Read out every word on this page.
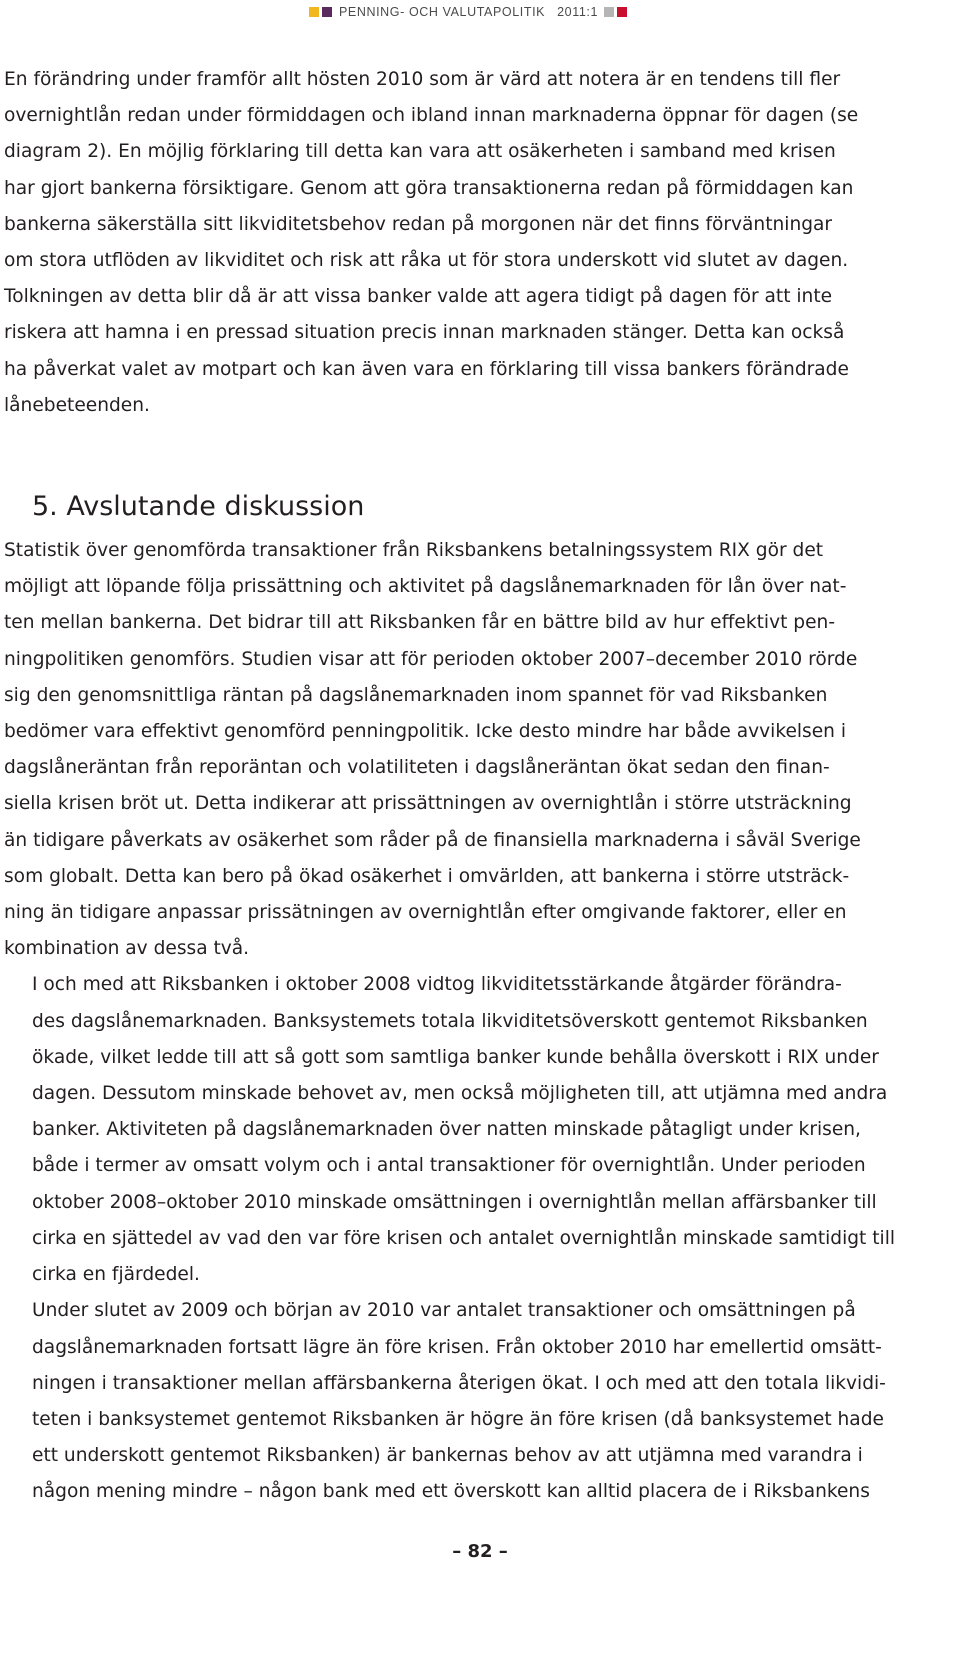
PENNING- OCH VALUTAPOLITIK 2011:1

En förändring under framför allt hösten 2010 som är värd att notera är en tendens till fler
overnightlån redan under förmiddagen och ibland innan marknaderna öppnar för dagen (se
diagram 2). En möjlig förklaring till detta kan vara att osäkerheten i samband med krisen
har gjort bankerna försiktigare. Genom att göra transaktionerna redan på förmiddagen kan
bankerna säkerställa sitt likviditetsbehov redan på morgonen när det finns förväntningar
om stora utflöden av likviditet och risk att råka ut för stora underskott vid slutet av dagen.
Tolkningen av detta blir då är att vissa banker valde att agera tidigt på dagen för att inte
riskera att hamna i en pressad situation precis innan marknaden stänger. Detta kan också
ha påverkat valet av motpart och kan även vara en förklaring till vissa bankers förändrade
lånebeteenden.

5. Avslutande diskussion

Statistik över genomförda transaktioner från Riksbankens betalningssystem RIX gör det
möjligt att löpande följa prissättning och aktivitet på dagslånemarknaden för lån över nat-
ten mellan bankerna. Det bidrar till att Riksbanken får en bättre bild av hur effektivt pen-
ningpolitiken genomförs. Studien visar att för perioden oktober 2007–december 2010 rörde
sig den genomsnittliga räntan på dagslånemarknaden inom spannet för vad Riksbanken
bedömer vara effektivt genomförd penningpolitik. Icke desto mindre har både avvikelsen i
dagslåneräntan från reporäntan och volatiliteten i dagslåneräntan ökat sedan den finan-
siella krisen bröt ut. Detta indikerar att prissättningen av overnightlån i större utsträckning
än tidigare påverkats av osäkerhet som råder på de finansiella marknaderna i såväl Sverige
som globalt. Detta kan bero på ökad osäkerhet i omvärlden, att bankerna i större utsträck-
ning än tidigare anpassar prissätningen av overnightlån efter omgivande faktorer, eller en
kombination av dessa två.

I och med att Riksbanken i oktober 2008 vidtog likviditetsstärkande åtgärder förändra-
des dagslånemarknaden. Banksystemets totala likviditetsöverskott gentemot Riksbanken
ökade, vilket ledde till att så gott som samtliga banker kunde behålla överskott i RIX under
dagen. Dessutom minskade behovet av, men också möjligheten till, att utjämna med andra
banker. Aktiviteten på dagslånemarknaden över natten minskade påtagligt under krisen,
både i termer av omsatt volym och i antal transaktioner för overnightlån. Under perioden
oktober 2008–oktober 2010 minskade omsättningen i overnightlån mellan affärsbanker till
cirka en sjättedel av vad den var före krisen och antalet overnightlån minskade samtidigt till
cirka en fjärdedel.

Under slutet av 2009 och början av 2010 var antalet transaktioner och omsättningen på
dagslånemarknaden fortsatt lägre än före krisen. Från oktober 2010 har emellertid omsätt-
ningen i transaktioner mellan affärsbankerna återigen ökat. I och med att den totala likvidi-
teten i banksystemet gentemot Riksbanken är högre än före krisen (då banksystemet hade
ett underskott gentemot Riksbanken) är bankernas behov av att utjämna med varandra i
någon mening mindre – någon bank med ett överskott kan alltid placera de i Riksbankens

– 82 –
